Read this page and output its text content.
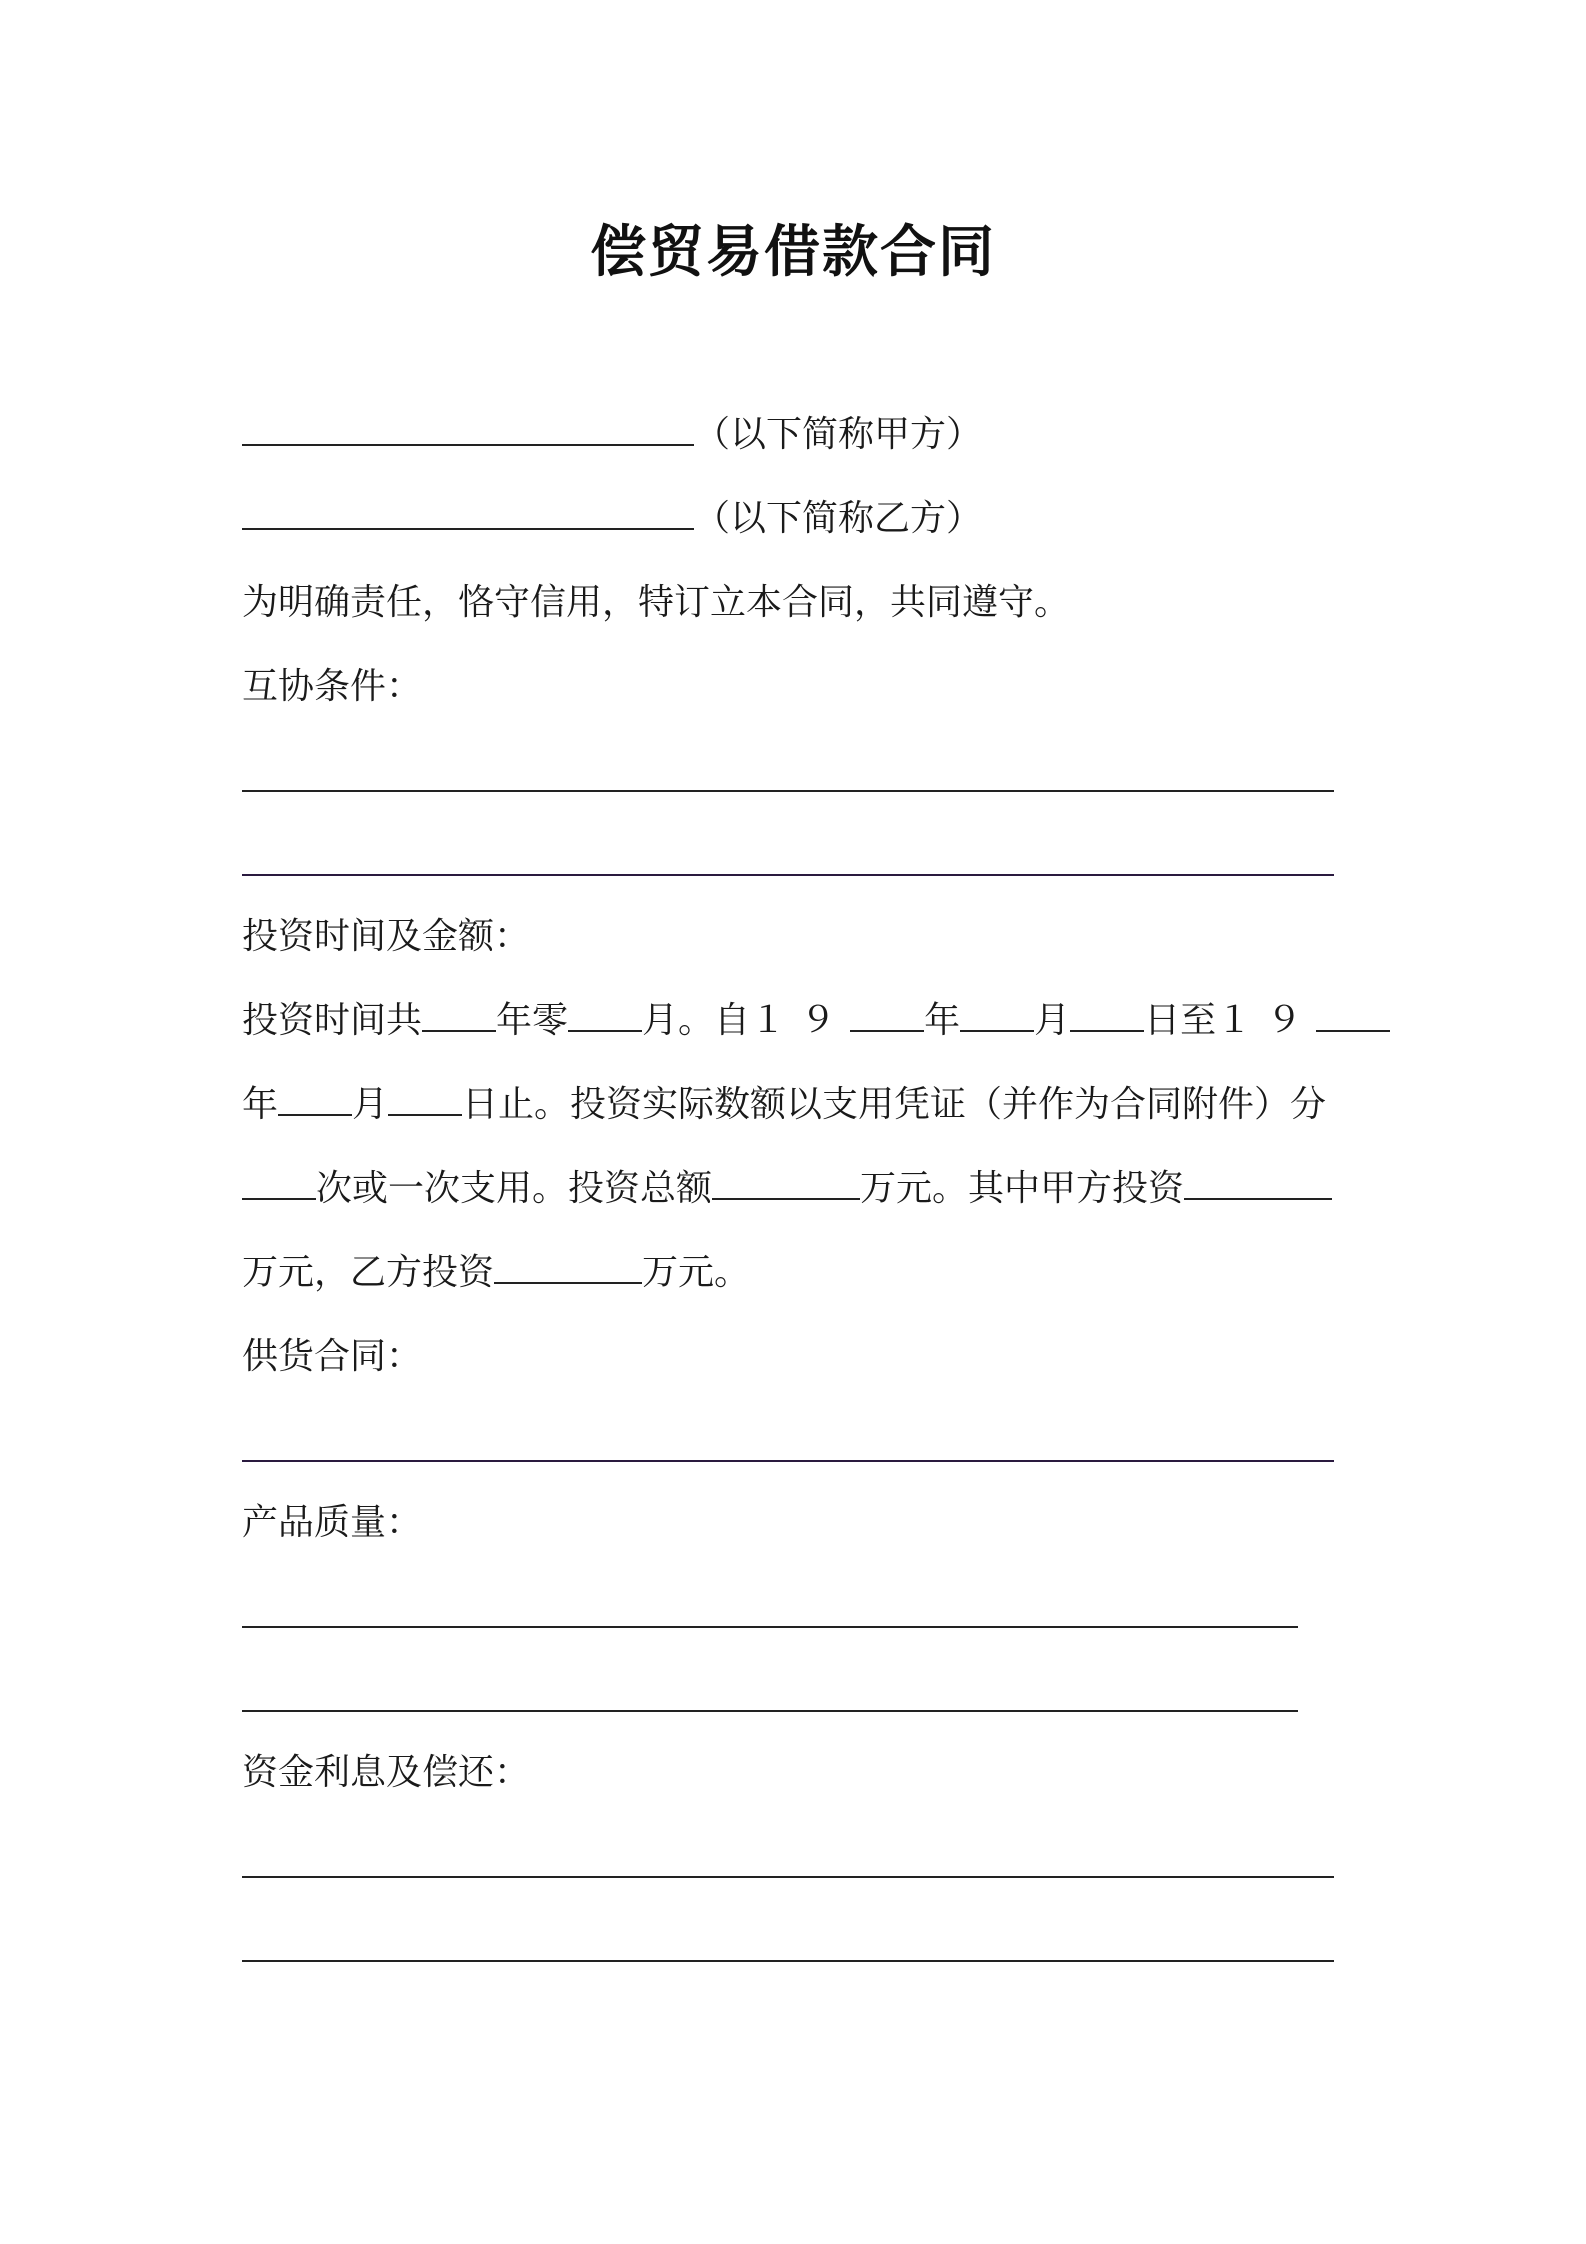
偿贸易借款合同
（以下简称甲方）
（以下简称乙方）
为明确责任，恪守信用，特订立本合同，共同遵守。
互协条件：
投资时间及金额：
投资时间共 年零 月。自１９ 年 月 日至１９
年 月 日止。投资实际数额以支用凭证（并作为合同附件）分
次或一次支用。投资总额	万元。其中甲方投资
万元，乙方投资	万元。
供货合同：
产品质量：
资金利息及偿还：
